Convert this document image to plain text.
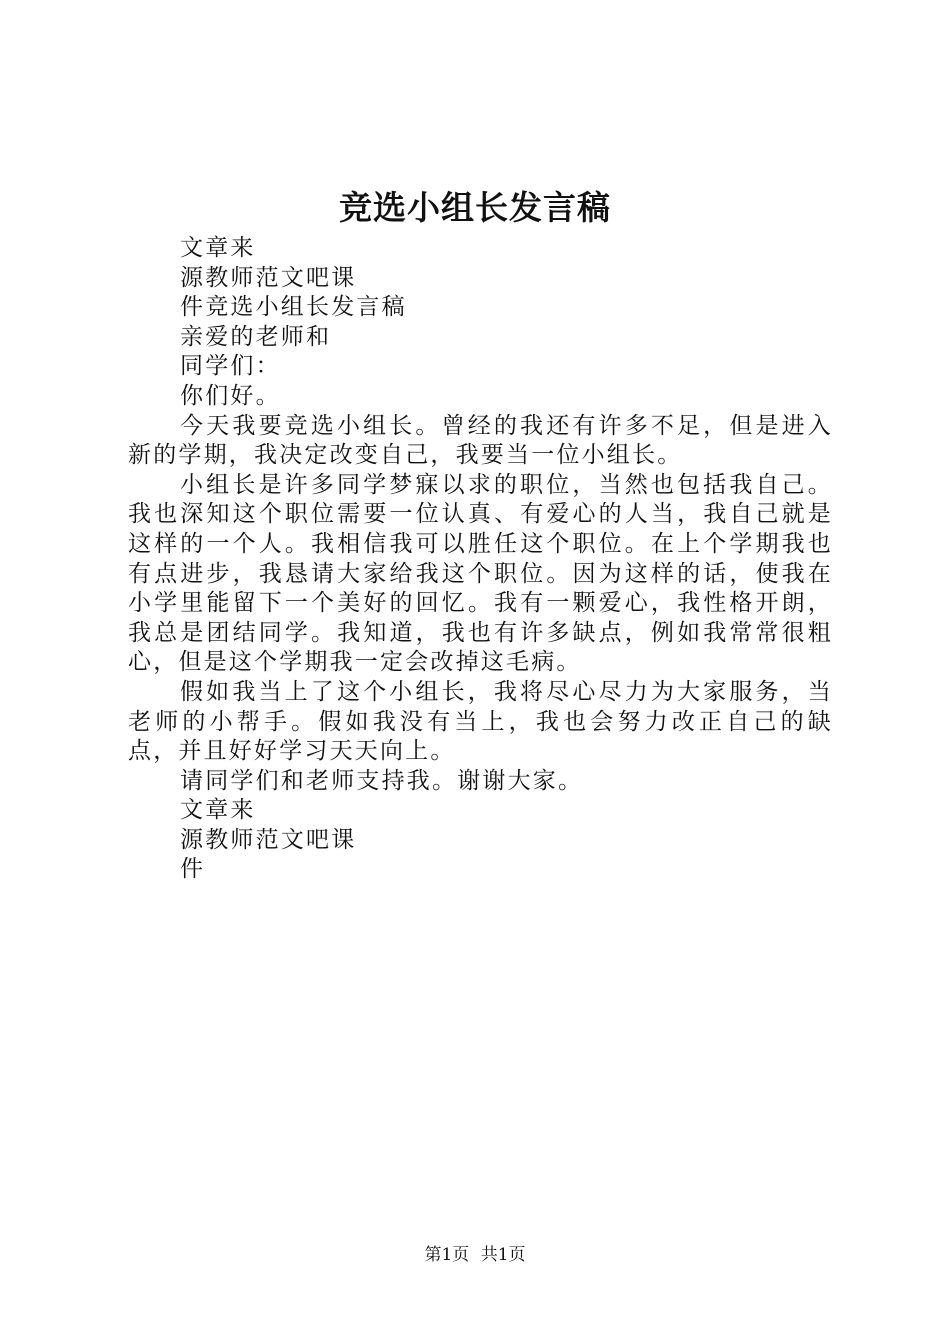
竞选小组长发言稿

文章来

源教师范文吧课

件竞选小组长发言稿

亲爱的老师和

同学们：

你们好。

今天我要竞选小组长。曾经的我还有许多不足，但是进入新的学期，我决定改变自己，我要当一位小组长。

小组长是许多同学梦寐以求的职位，当然也包括我自己。我也深知这个职位需要一位认真、有爱心的人当，我自己就是这样的一个人。我相信我可以胜任这个职位。在上个学期我也有点进步，我恳请大家给我这个职位。因为这样的话，使我在小学里能留下一个美好的回忆。我有一颗爱心，我性格开朗，我总是团结同学。我知道，我也有许多缺点，例如我常常很粗心，但是这个学期我一定会改掉这毛病。

假如我当上了这个小组长，我将尽心尽力为大家服务，当老师的小帮手。假如我没有当上，我也会努力改正自己的缺点，并且好好学习天天向上。

请同学们和老师支持我。谢谢大家。

文章来

源教师范文吧课

件

第1页 共1页
